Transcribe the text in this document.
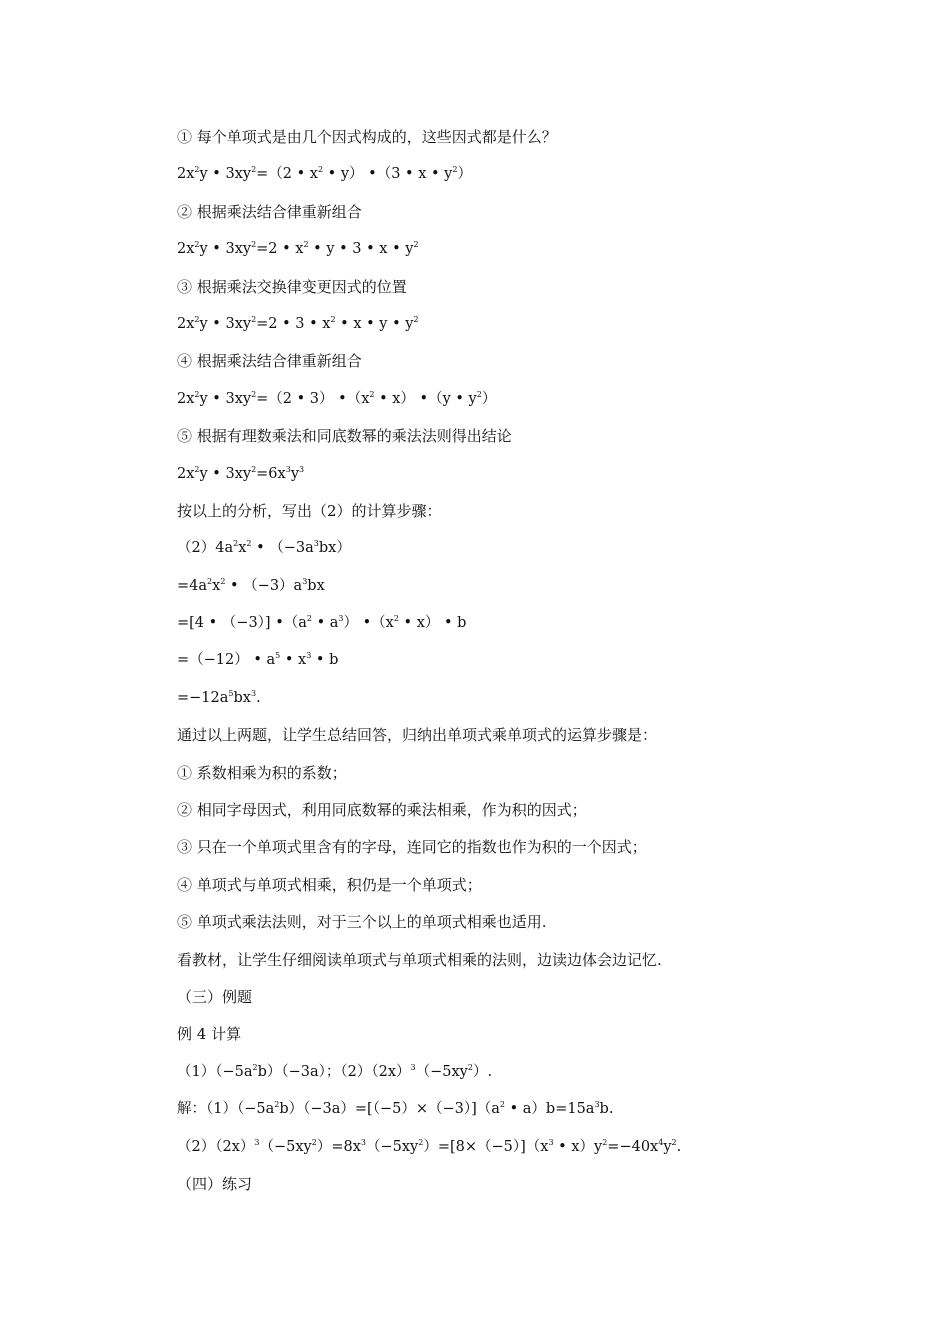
① 每个单项式是由几个因式构成的，这些因式都是什么？
$2x^2y$ • $3xy^2=(2$ • $x^2$ • y） •（3 • x • $y^2$）
② 根据乘法结合律重新组合
$2x^2y$ • $3xy^2=2$ • $x^2$ • y • 3 • x • $y^2$
③ 根据乘法交换律变更因式的位置
$2x^2y$ • $3xy^2=2$ • 3 • $x^2$ • x • y • $y^2$
④ 根据乘法结合律重新组合
$2x^2y$ • $3xy^2=(2$ • 3） $•(x^2$ • x） •（y • $y^2$）
⑤ 根据有理数乘法和同底数幂的乘法法则得出结论
$2x^2y$ • $3xy^2=6x^3y^3$
按以上的分析，写出（2）的计算步骤：
$(2)4a^2x^2$ • $(-3a^3bx)$
$=4a^2x^2$ • $(-3)a^3bx$
=[4 • （−3）] $•(a^2$ • $a^3$） $•(x^2$ • x） • b
=（−12） • $a^5$ • $x^3$ • b
$=-12a^5bx^3$.
通过以上两题，让学生总结回答，归纳出单项式乘单项式的运算步骤是：
① 系数相乘为积的系数；
② 相同字母因式，利用同底数幂的乘法相乘，作为积的因式；
③ 只在一个单项式里含有的字母，连同它的指数也作为积的一个因式；
④ 单项式与单项式相乘，积仍是一个单项式；
⑤ 单项式乘法法则，对于三个以上的单项式相乘也适用.
看教材，让学生仔细阅读单项式与单项式相乘的法则，边读边体会边记忆.
（三）例题
例 4 计算
$(1)(-5a^2b)(-3a)$；$(2)(2x)^3(-5xy^2)$.
解：$(1)(-5a^2b)(-3a)=[(-5)\times(-3)](a^2$ • $a)b=15a^3b$.
$(2)(2x)^3(-5xy^2)=8x^3(-5xy^2)=[8\times(-5)](x^3$ • $x)y^2=-40x^4y^2$.
（四）练习
